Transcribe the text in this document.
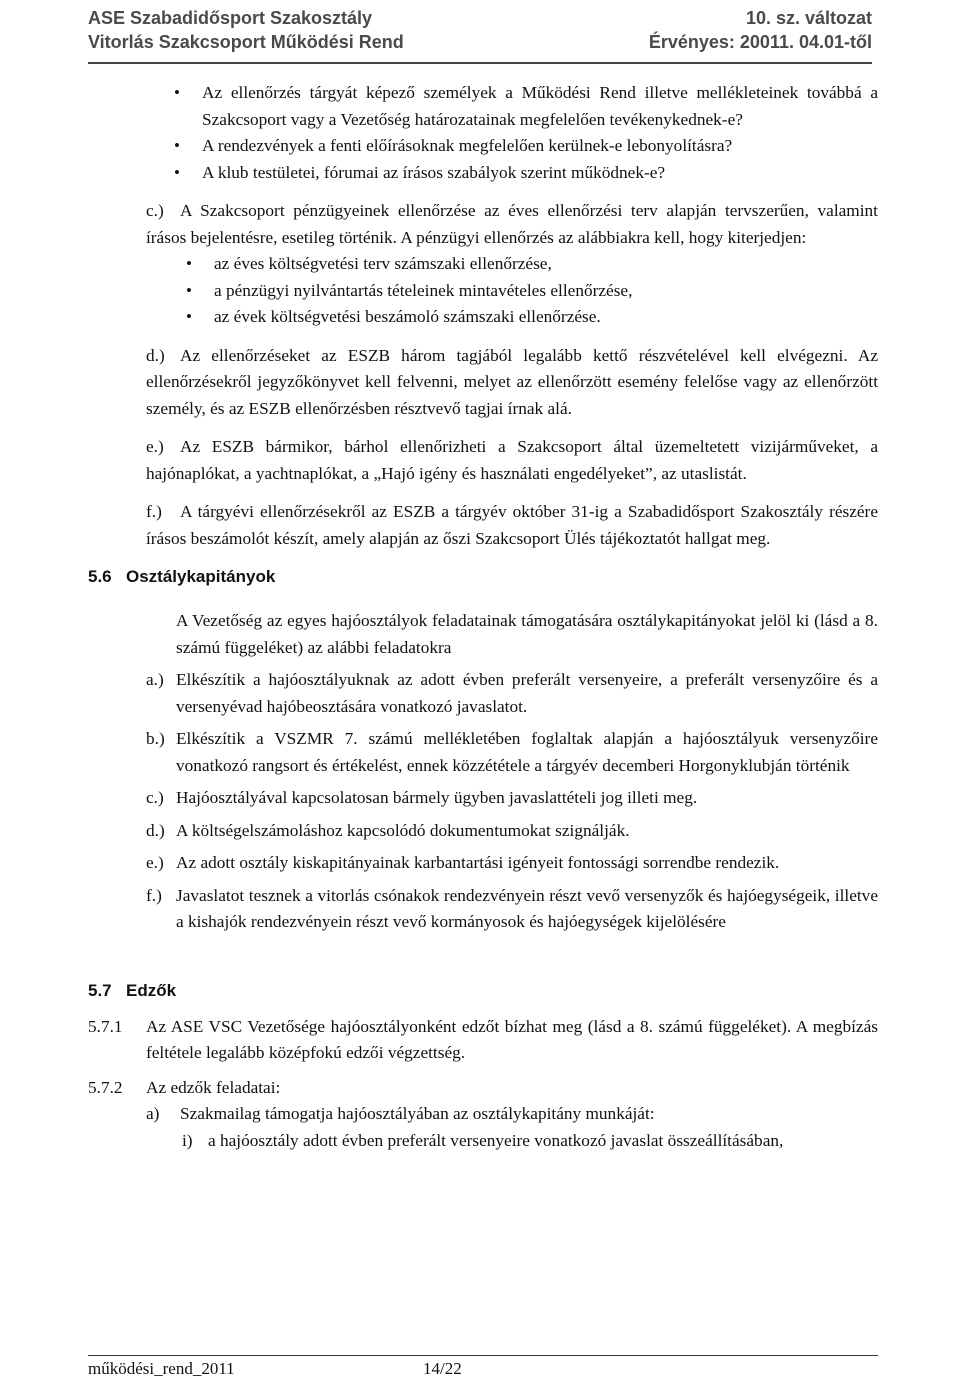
ASE Szabadidősport Szakosztály	10. sz. változat
Vitorlás Szakcsoport Működési Rend	Érvényes: 20011. 04.01-től
• Az ellenőrzés tárgyát képező személyek a Működési Rend illetve mellékleteinek továbbá a Szakcsoport vagy a Vezetőség határozatainak megfelelően tevékenykednek-e?
• A rendezvények a fenti előírásoknak megfelelően kerülnek-e lebonyolításra?
• A klub testületei, fórumai az írásos szabályok szerint működnek-e?
c.) A Szakcsoport pénzügyeinek ellenőrzése az éves ellenőrzési terv alapján tervszerűen, valamint írásos bejelentésre, esetileg történik. A pénzügyi ellenőrzés az alábbiakra kell, hogy kiterjedjen:
• az éves költségvetési terv számszaki ellenőrzése,
• a pénzügyi nyilvántartás tételeinek mintavételes ellenőrzése,
• az évek költségvetési beszámoló számszaki ellenőrzése.
d.) Az ellenőrzéseket az ESZB három tagjából legalább kettő részvételével kell elvégezni. Az ellenőrzésekről jegyzőkönyvet kell felvenni, melyet az ellenőrzött esemény felelőse vagy az ellenőrzött személy, és az ESZB ellenőrzésben résztvevő tagjai írnak alá.
e.) Az ESZB bármikor, bárhol ellenőrizheti a Szakcsoport által üzemeltetett vizijárműveket, a hajónaplókat, a yachtnaplókat, a „Hajó igény és használati engedélyeket”, az utaslistát.
f.)	A tárgyévi ellenőrzésekről az ESZB a tárgyév október 31-ig a Szabadidősport Szakosztály részére írásos beszámolót készít, amely alapján az őszi Szakcsoport Ülés tájékoztatót hallgat meg.
5.6 Osztálykapitányok
A Vezetőség az egyes hajóosztályok feladatainak támogatására osztálykapitányokat jelöl ki (lásd a 8. számú függeléket) az alábbi feladatokra
a.) Elkészítik a hajóosztályuknak az adott évben preferált versenyeire, a preferált versenyzőire és a versenyévad hajóbeosztására vonatkozó javaslatot.
b.) Elkészítik a VSZMR 7. számú mellékletében foglaltak alapján a hajóosztályuk versenyzőire vonatkozó rangsort és értékelést, ennek közzététele a tárgyév decemberi Horgonyklubján történik
c.) Hajóosztályával kapcsolatosan bármely ügyben javaslattételi jog illeti meg.
d.) A költségelszámoláshoz kapcsolódó dokumentumokat szignálják.
e.) Az adott osztály kiskapitányainak karbantartási igényeit fontossági sorrendbe rendezik.
f.) Javaslatot tesznek a vitorlás csónakok rendezvényein részt vevő versenyzők és hajóegységeik, illetve a kishajók rendezvényein részt vevő kormányosok és hajóegységek kijelölésére
5.7 Edzők
5.7.1	Az ASE VSC Vezetősége hajóosztályonként edzőt bízhat meg (lásd a 8. számú függeléket). A megbízás feltétele legalább középfokú edzői végzettség.
5.7.2	Az edzők feladatai:
a)	Szakmailag támogatja hajóosztályában az osztálykapitány munkáját:
i) a hajóosztály adott évben preferált versenyeire vonatkozó javaslat összeállításában,
működési_rend_2011	14/22
